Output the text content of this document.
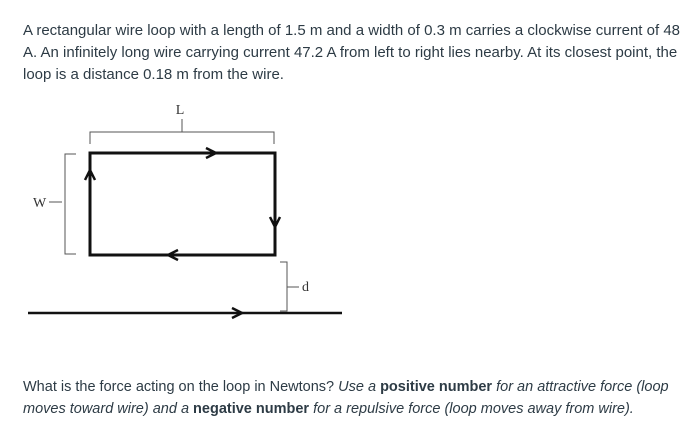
A rectangular wire loop with a length of 1.5 m and a width of 0.3 m carries a clockwise current of 48 A. An infinitely long wire carrying current 47.2 A from left to right lies nearby. At its closest point, the loop is a distance 0.18 m from the wire.

L
W
d

What is the force acting on the loop in Newtons? Use a positive number for an attractive force (loop moves toward wire) and a negative number for a repulsive force (loop moves away from wire).
